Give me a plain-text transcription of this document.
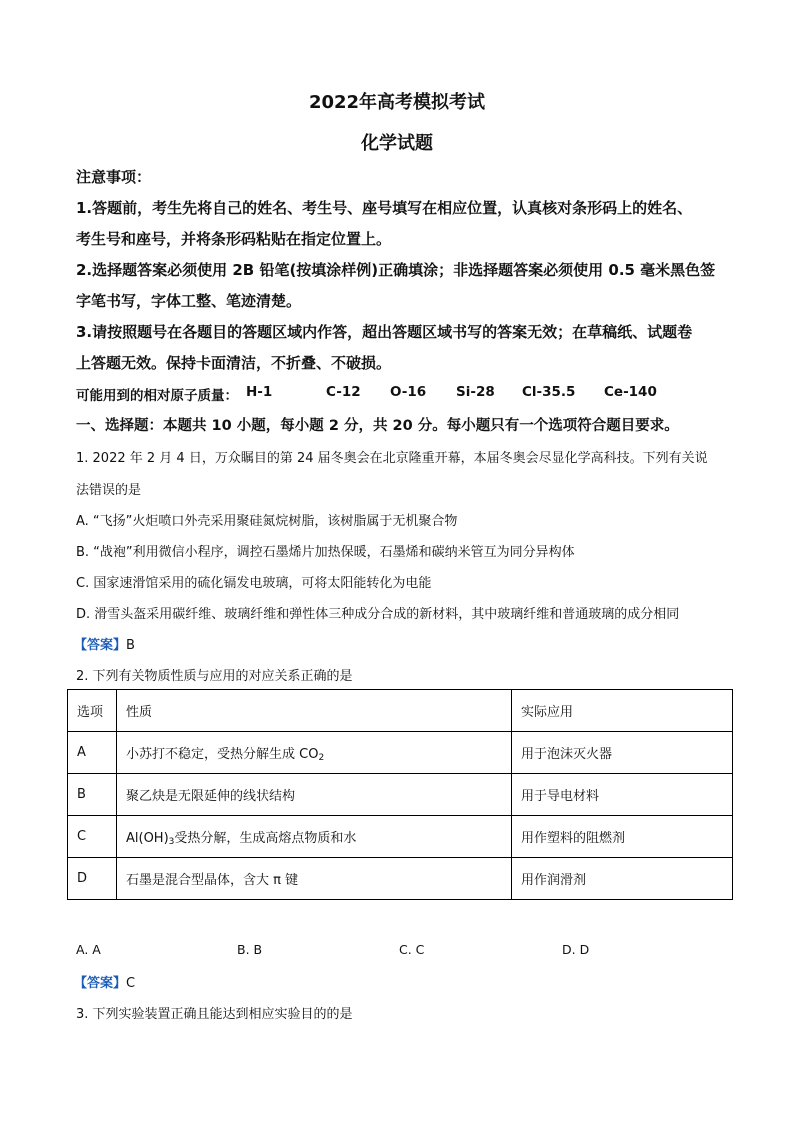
2022年高考模拟考试
化学试题
注意事项：
1.答题前，考生先将自己的姓名、考生号、座号填写在相应位置，认真核对条形码上的姓名、
考生号和座号，并将条形码粘贴在指定位置上。
2.选择题答案必须使用 2B 铅笔(按填涂样例)正确填涂；非选择题答案必须使用 0.5 毫米黑色签
字笔书写，字体工整、笔迹清楚。
3.请按照题号在各题目的答题区域内作答，超出答题区域书写的答案无效；在草稿纸、试题卷
上答题无效。保持卡面清洁，不折叠、不破损。
可能用到的相对原子质量： H-1	C-12 O-16 Si-28 Cl-35.5 Ce-140
一、选择题：本题共 10 小题，每小题 2 分，共 20 分。每小题只有一个选项符合题目要求。
1. 2022 年 2 月 4 日，万众瞩目的第 24 届冬奥会在北京隆重开幕，本届冬奥会尽显化学高科技。下列有关说
法错误的是
A. “飞扬”火炬喷口外壳采用聚硅氮烷树脂，该树脂属于无机聚合物
B. “战袍”利用微信小程序，调控石墨烯片加热保暖，石墨烯和碳纳米管互为同分异构体
C. 国家速滑馆采用的硫化镉发电玻璃，可将太阳能转化为电能
D. 滑雪头盔采用碳纤维、玻璃纤维和弹性体三种成分合成的新材料，其中玻璃纤维和普通玻璃的成分相同
【答案】B
2. 下列有关物质性质与应用的对应关系正确的是
选项	性质	实际应用
A	小苏打不稳定，受热分解生成 $CO_2$	用于泡沫灭火器
B	聚乙炔是无限延伸的线状结构	用于导电材料
C	$Al(OH)_3$受热分解，生成高熔点物质和水	用作塑料的阻燃剂
D	石墨是混合型晶体，含大 π 键	用作润滑剂
A. A	B. B	C. C	D. D
【答案】C
3. 下列实验装置正确且能达到相应实验目的的是
